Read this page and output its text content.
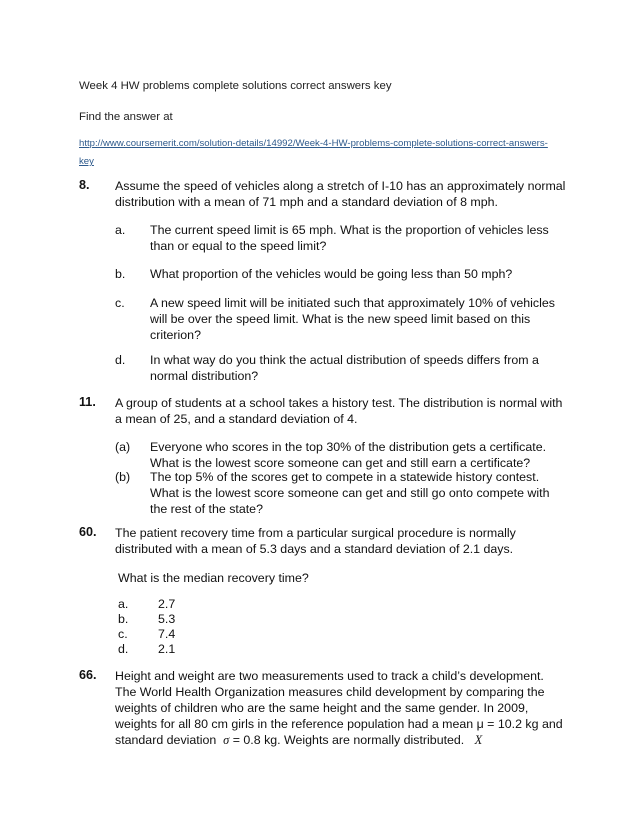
Week 4 HW problems complete solutions correct answers key
Find the answer at
http://www.coursemerit.com/solution-details/14992/Week-4-HW-problems-complete-solutions-correct-answers-
key
8. Assume the speed of vehicles along a stretch of I-10 has an approximately normal distribution with a mean of 71 mph and a standard deviation of 8 mph.
a. The current speed limit is 65 mph. What is the proportion of vehicles less than or equal to the speed limit?
b. What proportion of the vehicles would be going less than 50 mph?
c. A new speed limit will be initiated such that approximately 10% of vehicles will be over the speed limit. What is the new speed limit based on this criterion?
d. In what way do you think the actual distribution of speeds differs from a normal distribution?
11. A group of students at a school takes a history test. The distribution is normal with a mean of 25, and a standard deviation of 4.
(a) Everyone who scores in the top 30% of the distribution gets a certificate. What is the lowest score someone can get and still earn a certificate?
(b) The top 5% of the scores get to compete in a statewide history contest. What is the lowest score someone can get and still go onto compete with the rest of the state?
60. The patient recovery time from a particular surgical procedure is normally distributed with a mean of 5.3 days and a standard deviation of 2.1 days.
What is the median recovery time?
a. 2.7
b. 5.3
c. 7.4
d. 2.1
66. Height and weight are two measurements used to track a child’s development. The World Health Organization measures child development by comparing the weights of children who are the same height and the same gender. In 2009, weights for all 80 cm girls in the reference population had a mean μ = 10.2 kg and standard deviation σ = 0.8 kg. Weights are normally distributed. X
